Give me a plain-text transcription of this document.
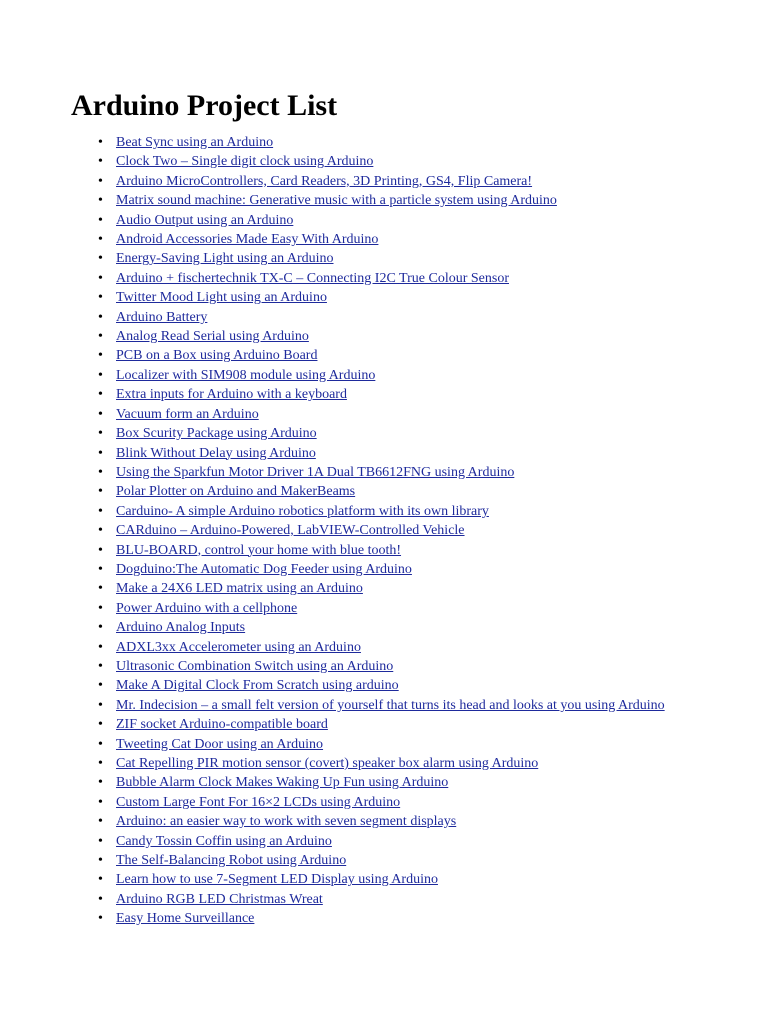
Arduino Project List
• Beat Sync using an Arduino
• Clock Two – Single digit clock using Arduino
• Arduino MicroControllers, Card Readers, 3D Printing, GS4, Flip Camera!
• Matrix sound machine: Generative music with a particle system using Arduino
• Audio Output using an Arduino
• Android Accessories Made Easy With Arduino
• Energy-Saving Light using an Arduino
• Arduino + fischertechnik TX-C – Connecting I2C True Colour Sensor
• Twitter Mood Light using an Arduino
• Arduino Battery
• Analog Read Serial using Arduino
• PCB on a Box using Arduino Board
• Localizer with SIM908 module using Arduino
• Extra inputs for Arduino with a keyboard
• Vacuum form an Arduino
• Box Scurity Package using Arduino
• Blink Without Delay using Arduino
• Using the Sparkfun Motor Driver 1A Dual TB6612FNG using Arduino
• Polar Plotter on Arduino and MakerBeams
• Carduino- A simple Arduino robotics platform with its own library
• CARduino – Arduino-Powered, LabVIEW-Controlled Vehicle
• BLU-BOARD, control your home with blue tooth!
• Dogduino:The Automatic Dog Feeder using Arduino
• Make a 24X6 LED matrix using an Arduino
• Power Arduino with a cellphone
• Arduino Analog Inputs
• ADXL3xx Accelerometer using an Arduino
• Ultrasonic Combination Switch using an Arduino
• Make A Digital Clock From Scratch using arduino
• Mr. Indecision – a small felt version of yourself that turns its head and looks at you using Arduino
• ZIF socket Arduino-compatible board
• Tweeting Cat Door using an Arduino
• Cat Repelling PIR motion sensor (covert) speaker box alarm using Arduino
• Bubble Alarm Clock Makes Waking Up Fun using Arduino
• Custom Large Font For 16×2 LCDs using Arduino
• Arduino: an easier way to work with seven segment displays
• Candy Tossin Coffin using an Arduino
• The Self-Balancing Robot using Arduino
• Learn how to use 7-Segment LED Display using Arduino
• Arduino RGB LED Christmas Wreat
• Easy Home Surveillance
